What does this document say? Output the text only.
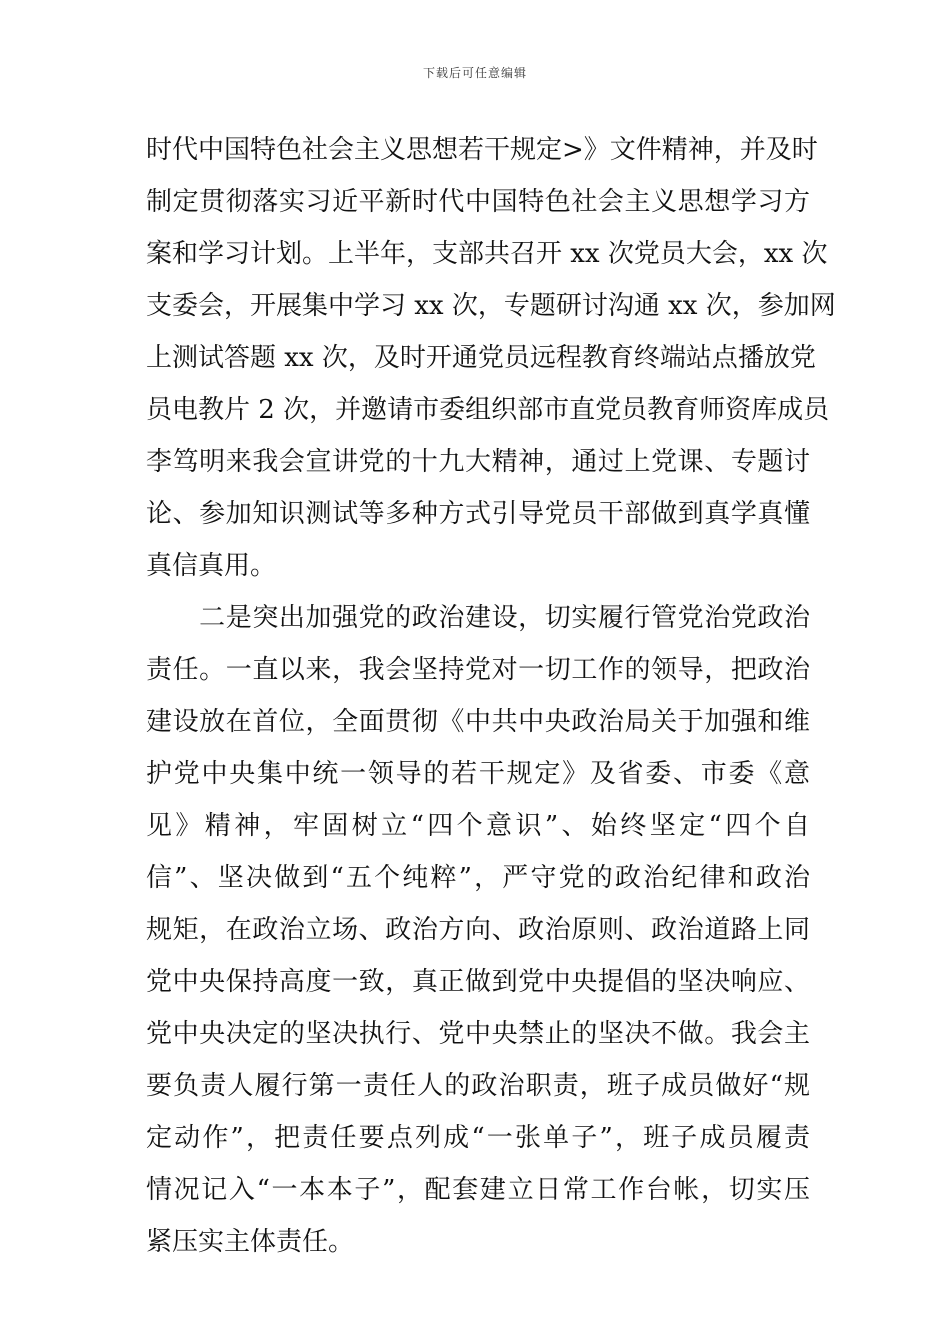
下载后可任意编辑
时代中国特色社会主义思想若干规定>》文件精神，并及时
制定贯彻落实习近平新时代中国特色社会主义思想学习方
案和学习计划。上半年，支部共召开 xx 次党员大会，xx 次
支委会，开展集中学习 xx 次，专题研讨沟通 xx 次，参加网
上测试答题 xx 次，及时开通党员远程教育终端站点播放党
员电教片 2 次，并邀请市委组织部市直党员教育师资库成员
李笃明来我会宣讲党的十九大精神，通过上党课、专题讨
论、参加知识测试等多种方式引导党员干部做到真学真懂
真信真用。
　　二是突出加强党的政治建设，切实履行管党治党政治
责任。一直以来，我会坚持党对一切工作的领导，把政治
建设放在首位，全面贯彻《中共中央政治局关于加强和维
护党中央集中统一领导的若干规定》及省委、市委《意
见》精神，牢固树立“四个意识”、始终坚定“四个自
信”、坚决做到“五个纯粹”，严守党的政治纪律和政治
规矩，在政治立场、政治方向、政治原则、政治道路上同
党中央保持高度一致，真正做到党中央提倡的坚决响应、
党中央决定的坚决执行、党中央禁止的坚决不做。我会主
要负责人履行第一责任人的政治职责，班子成员做好“规
定动作”，把责任要点列成“一张单子”，班子成员履责
情况记入“一本本子”，配套建立日常工作台帐，切实压
紧压实主体责任。
